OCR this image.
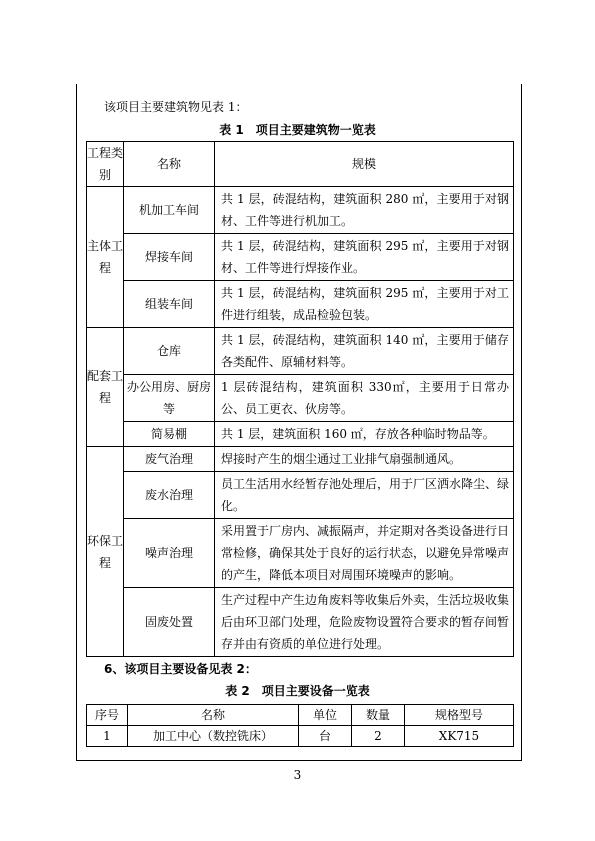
该项目主要建筑物见表 1：
表 1　项目主要建筑物一览表
工程类别	名称	规模
主体工程	机加工车间	共 1 层，砖混结构，建筑面积 280 ㎡，主要用于对钢材、工件等进行机加工。
	焊接车间	共 1 层，砖混结构，建筑面积 295 ㎡，主要用于对钢材、工件等进行焊接作业。
	组装车间	共 1 层，砖混结构，建筑面积 295 ㎡，主要用于对工件进行组装，成品检验包装。
配套工程	仓库	共 1 层，砖混结构，建筑面积 140 ㎡，主要用于储存各类配件、原辅材料等。
	办公用房、厨房等	1 层砖混结构，建筑面积 330㎡，主要用于日常办公、员工更衣、伙房等。
	简易棚	共 1 层，建筑面积 160 ㎡，存放各种临时物品等。
环保工程	废气治理	焊接时产生的烟尘通过工业排气扇强制通风。
	废水治理	员工生活用水经暂存池处理后，用于厂区洒水降尘、绿化。
	噪声治理	采用置于厂房内、减振隔声，并定期对各类设备进行日常检修，确保其处于良好的运行状态，以避免异常噪声的产生，降低本项目对周围环境噪声的影响。
	固废处置	生产过程中产生边角废料等收集后外卖，生活垃圾收集后由环卫部门处理，危险废物设置符合要求的暂存间暂存并由有资质的单位进行处理。
6、该项目主要设备见表 2：
表 2　项目主要设备一览表
序号	名称	单位	数量	规格型号
1	加工中心（数控铣床）	台	2	XK715
3
